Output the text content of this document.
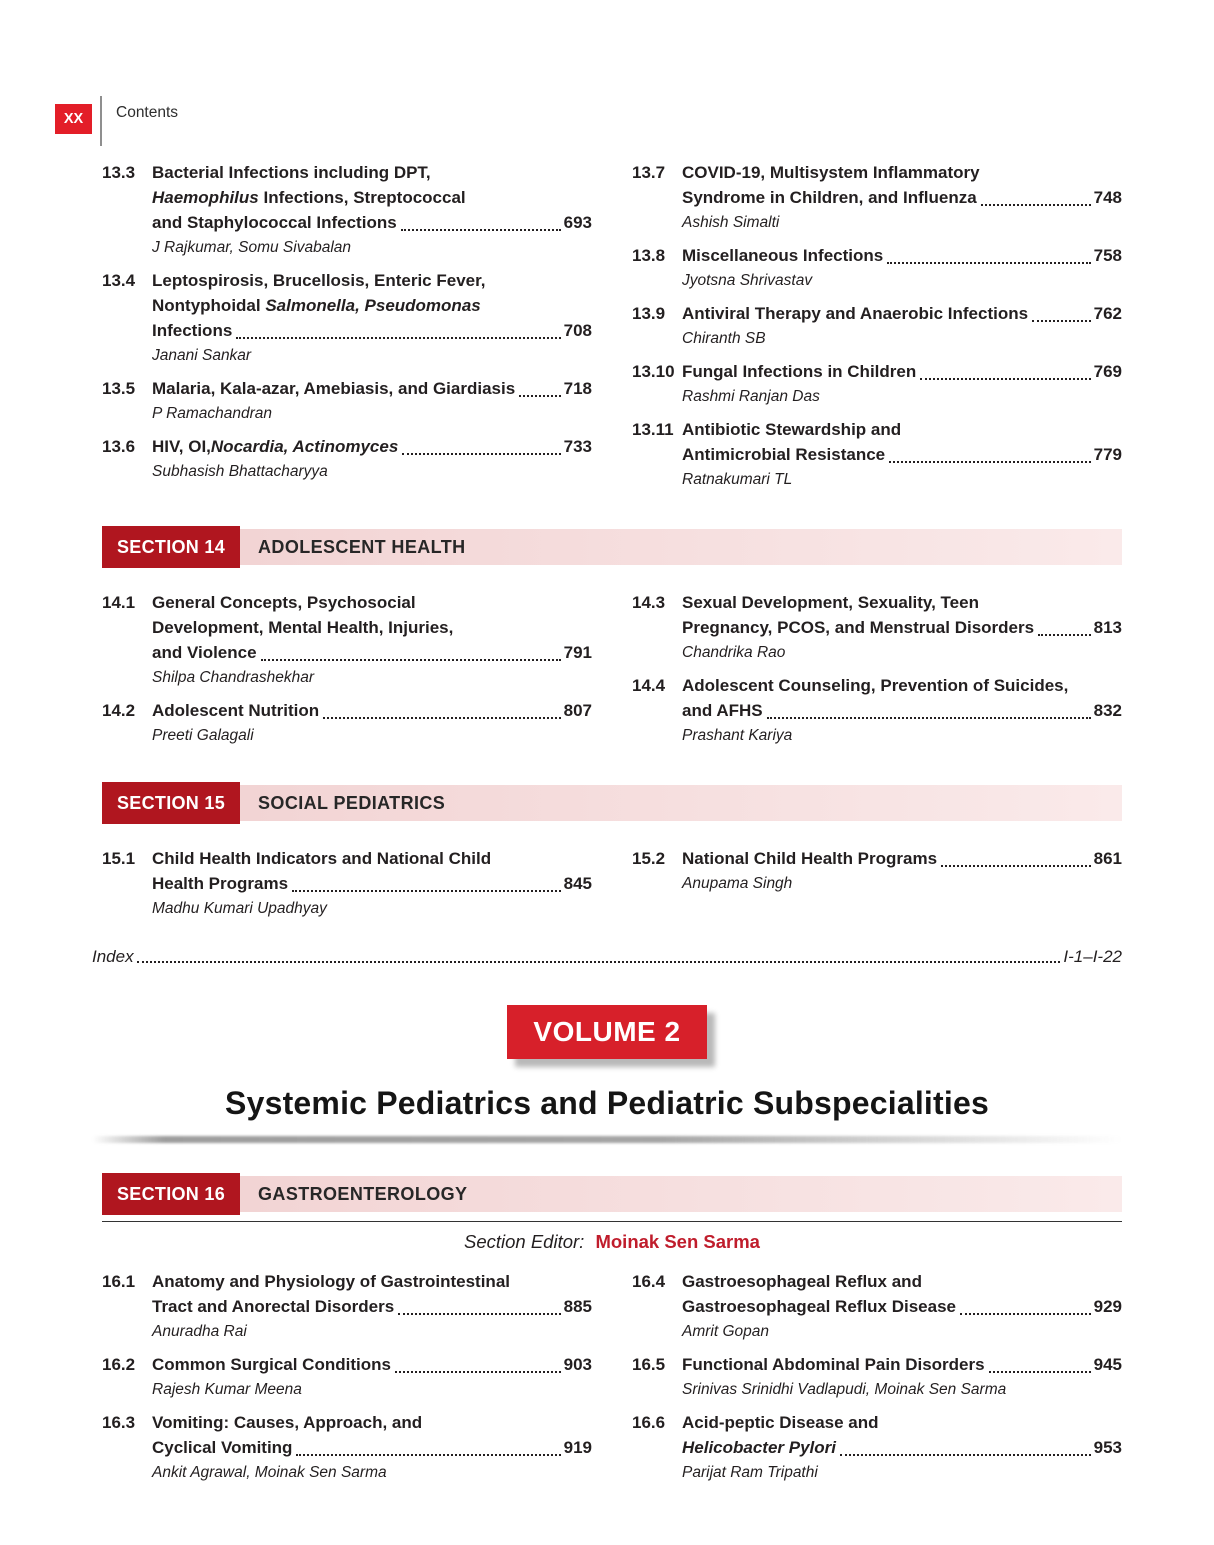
XX	Contents
13.3 Bacterial Infections including DPT,
Haemophilus Infections, Streptococcal
and Staphylococcal Infections	693
J Rajkumar, Somu Sivabalan
13.4 Leptospirosis, Brucellosis, Enteric Fever,
Nontyphoidal Salmonella, Pseudomonas
Infections	708
Janani Sankar
13.5 Malaria, Kala-azar, Amebiasis, and Giardiasis	718
P Ramachandran
13.6 HIV, OI, Nocardia, Actinomyces	733
Subhasish Bhattacharyya
13.7 COVID-19, Multisystem Inflammatory
Syndrome in Children, and Influenza	748
Ashish Simalti
13.8 Miscellaneous Infections	758
Jyotsna Shrivastav
13.9 Antiviral Therapy and Anaerobic Infections	762
Chiranth SB
13.10 Fungal Infections in Children	769
Rashmi Ranjan Das
13.11 Antibiotic Stewardship and
Antimicrobial Resistance	779
Ratnakumari TL
SECTION 14	ADOLESCENT HEALTH
14.1 General Concepts, Psychosocial
Development, Mental Health, Injuries,
and Violence	791
Shilpa Chandrashekhar
14.2 Adolescent Nutrition	807
Preeti Galagali
14.3 Sexual Development, Sexuality, Teen
Pregnancy, PCOS, and Menstrual Disorders	813
Chandrika Rao
14.4 Adolescent Counseling, Prevention of Suicides,
and AFHS	832
Prashant Kariya
SECTION 15	SOCIAL PEDIATRICS
15.1 Child Health Indicators and National Child
Health Programs	845
Madhu Kumari Upadhyay
15.2 National Child Health Programs	861
Anupama Singh
Index	I-1–I-22
VOLUME 2
Systemic Pediatrics and Pediatric Subspecialities
SECTION 16	GASTROENTEROLOGY
Section Editor: Moinak Sen Sarma
16.1 Anatomy and Physiology of Gastrointestinal
Tract and Anorectal Disorders	885
Anuradha Rai
16.2 Common Surgical Conditions	903
Rajesh Kumar Meena
16.3 Vomiting: Causes, Approach, and
Cyclical Vomiting	919
Ankit Agrawal, Moinak Sen Sarma
16.4 Gastroesophageal Reflux and
Gastroesophageal Reflux Disease	929
Amrit Gopan
16.5 Functional Abdominal Pain Disorders	945
Srinivas Srinidhi Vadlapudi, Moinak Sen Sarma
16.6 Acid-peptic Disease and
Helicobacter Pylori	953
Parijat Ram Tripathi
